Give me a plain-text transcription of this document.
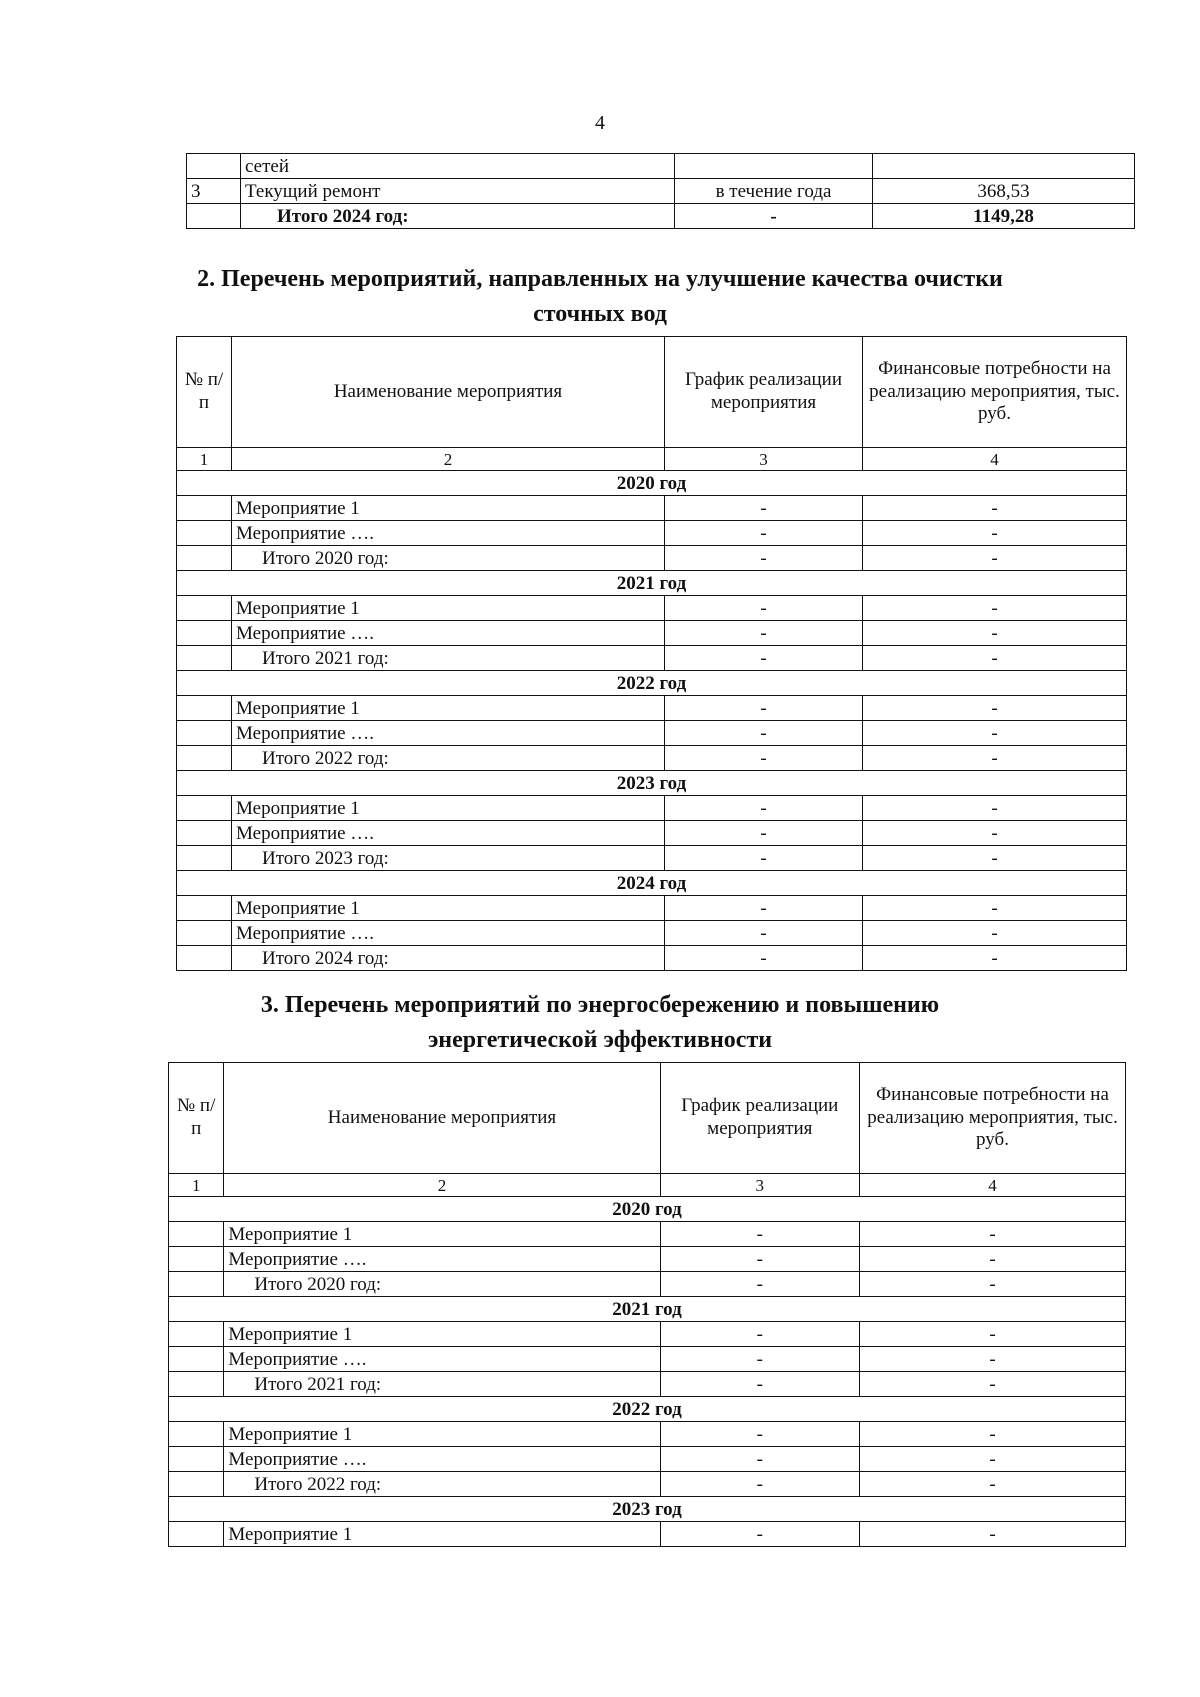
4
	сетей		
3	Текущий ремонт	в течение года	368,53
	Итого 2024 год:	-	1149,28
2. Перечень мероприятий, направленных на улучшение качества очистки
сточных вод
№ п/п	Наименование мероприятия	График реализации мероприятия	Финансовые потребности на реализацию мероприятия, тыс. руб.
1	2	3	4
2020 год			
	Мероприятие 1	-	-
	Мероприятие ….	-	-
	Итого 2020 год:	-	-
2021 год			
	Мероприятие 1	-	-
	Мероприятие ….	-	-
	Итого 2021 год:	-	-
2022 год			
	Мероприятие 1	-	-
	Мероприятие ….	-	-
	Итого 2022 год:	-	-
2023 год			
	Мероприятие 1	-	-
	Мероприятие ….	-	-
	Итого 2023 год:	-	-
2024 год			
	Мероприятие 1	-	-
	Мероприятие ….	-	-
	Итого 2024 год:	-	-
3. Перечень мероприятий по энергосбережению и повышению
энергетической эффективности
№ п/п	Наименование мероприятия	График реализации мероприятия	Финансовые потребности на реализацию мероприятия, тыс. руб.
1	2	3	4
2020 год			
	Мероприятие 1	-	-
	Мероприятие ….	-	-
	Итого 2020 год:	-	-
2021 год			
	Мероприятие 1	-	-
	Мероприятие ….	-	-
	Итого 2021 год:	-	-
2022 год			
	Мероприятие 1	-	-
	Мероприятие ….	-	-
	Итого 2022 год:	-	-
2023 год			
	Мероприятие 1	-	-
